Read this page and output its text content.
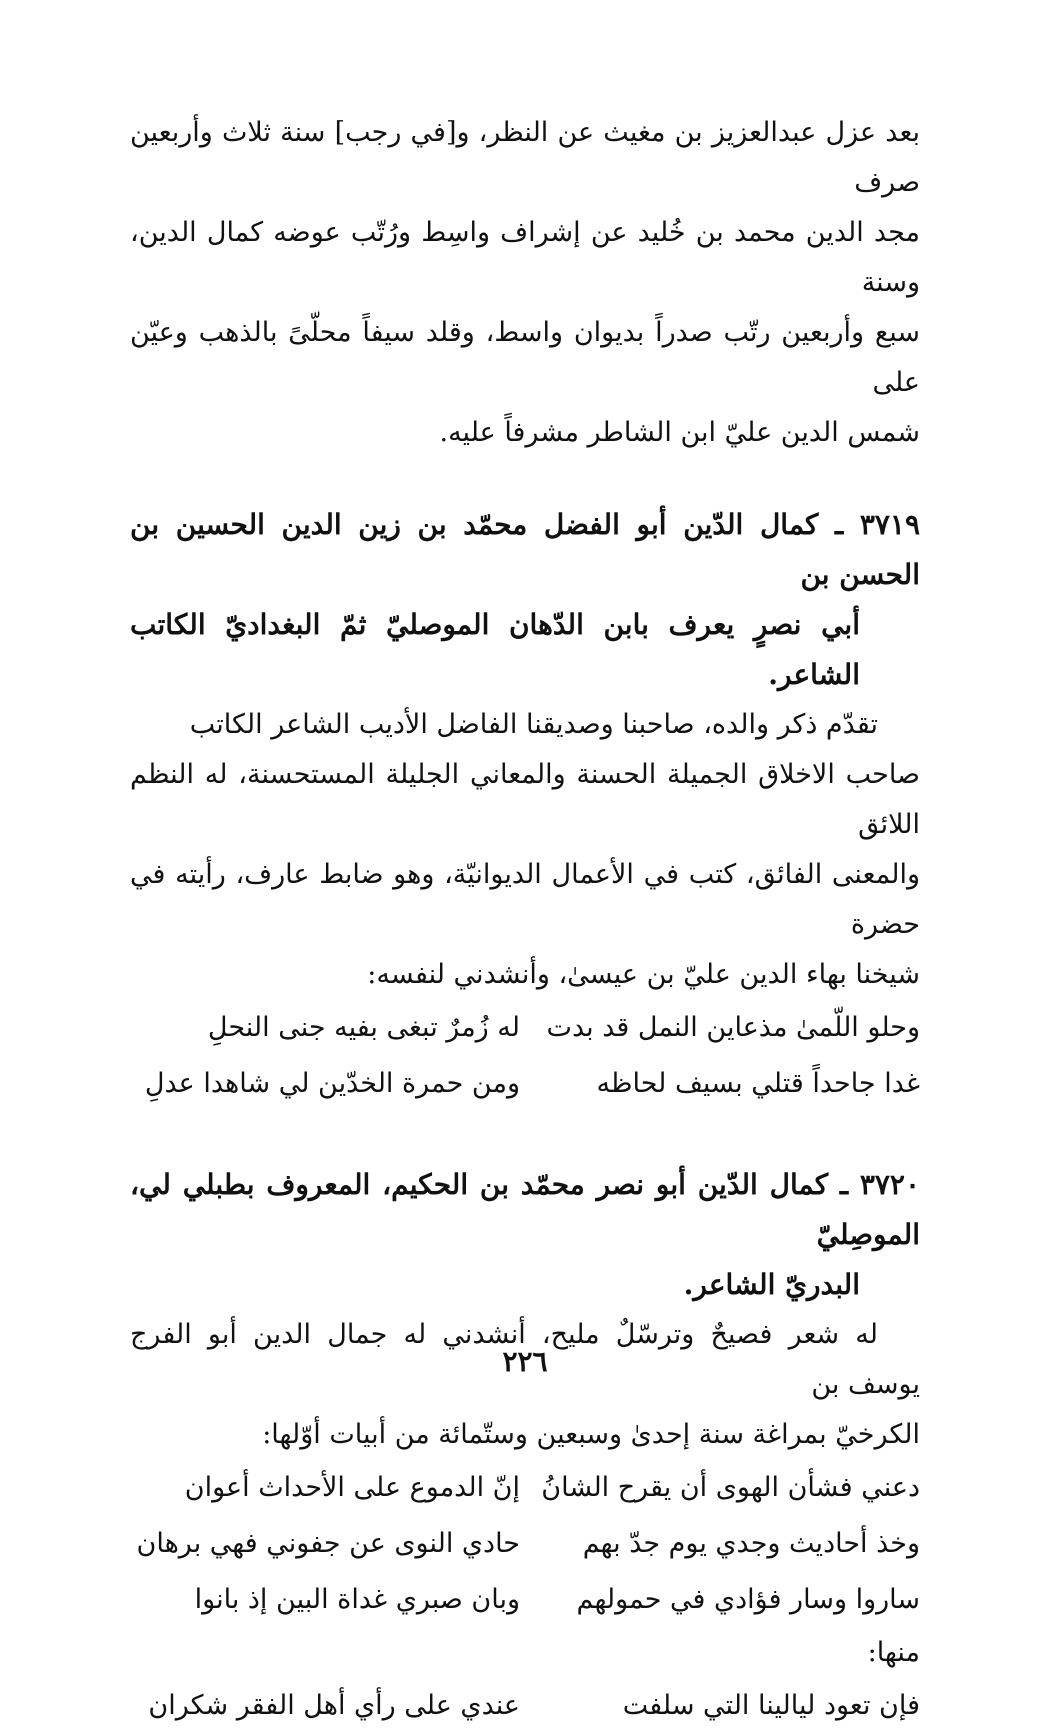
بعد عزل عبدالعزيز بن مغيث عن النظر، و[في رجب] سنة ثلاث وأربعين صرف

مجد الدين محمد بن خُليد عن إشراف واسِط ورُتّب عوضه كمال الدين، وسنة

سبع وأربعين رتّب صدراً بديوان واسط، وقلد سيفاً محلّىً بالذهب وعيّن على

شمس الدين عليّ ابن الشاطر مشرفاً عليه.

٣٧١٩ ـ كمال الدّين أبو الفضل محمّد بن زين الدين الحسين بن الحسن بن

أبي نصرٍ يعرف بابن الدّهان الموصليّ ثمّ البغداديّ الكاتب الشاعر.

تقدّم ذكر والده، صاحبنا وصديقنا الفاضل الأديب الشاعر الكاتب

صاحب الاخلاق الجميلة الحسنة والمعاني الجليلة المستحسنة، له النظم اللائق

والمعنى الفائق، كتب في الأعمال الديوانيّة، وهو ضابط عارف، رأيته في حضرة

شيخنا بهاء الدين عليّ بن عيسىٰ، وأنشدني لنفسه:

وحلو اللّمىٰ مذعاين النمل قد بدت
له زُمرٌ تبغى بفيه جنى النحلِ
غدا جاحداً قتلي بسيف لحاظه
ومن حمرة الخدّين لي شاهدا عدلِ

٣٧٢٠ ـ كمال الدّين أبو نصر محمّد بن الحكيم، المعروف بطبلي لي، الموصِليّ

البدريّ الشاعر.

له شعر فصيحٌ وترسّلٌ مليح، أنشدني له جمال الدين أبو الفرج يوسف بن

الكرخيّ بمراغة سنة إحدىٰ وسبعين وستّمائة من أبيات أوّلها:

دعني فشأن الهوى أن يقرح الشانُ
إنّ الدموع على الأحداث أعوان
وخذ أحاديث وجدي يوم جدّ بهم
حادي النوى عن جفوني فهي برهان
ساروا وسار فؤادي في حمولهم
وبان صبري غداة البين إذ بانوا

منها:

فإن تعود ليالينا التي سلفت
عندي على رأي أهل الفقر شكران
٢٢٦
